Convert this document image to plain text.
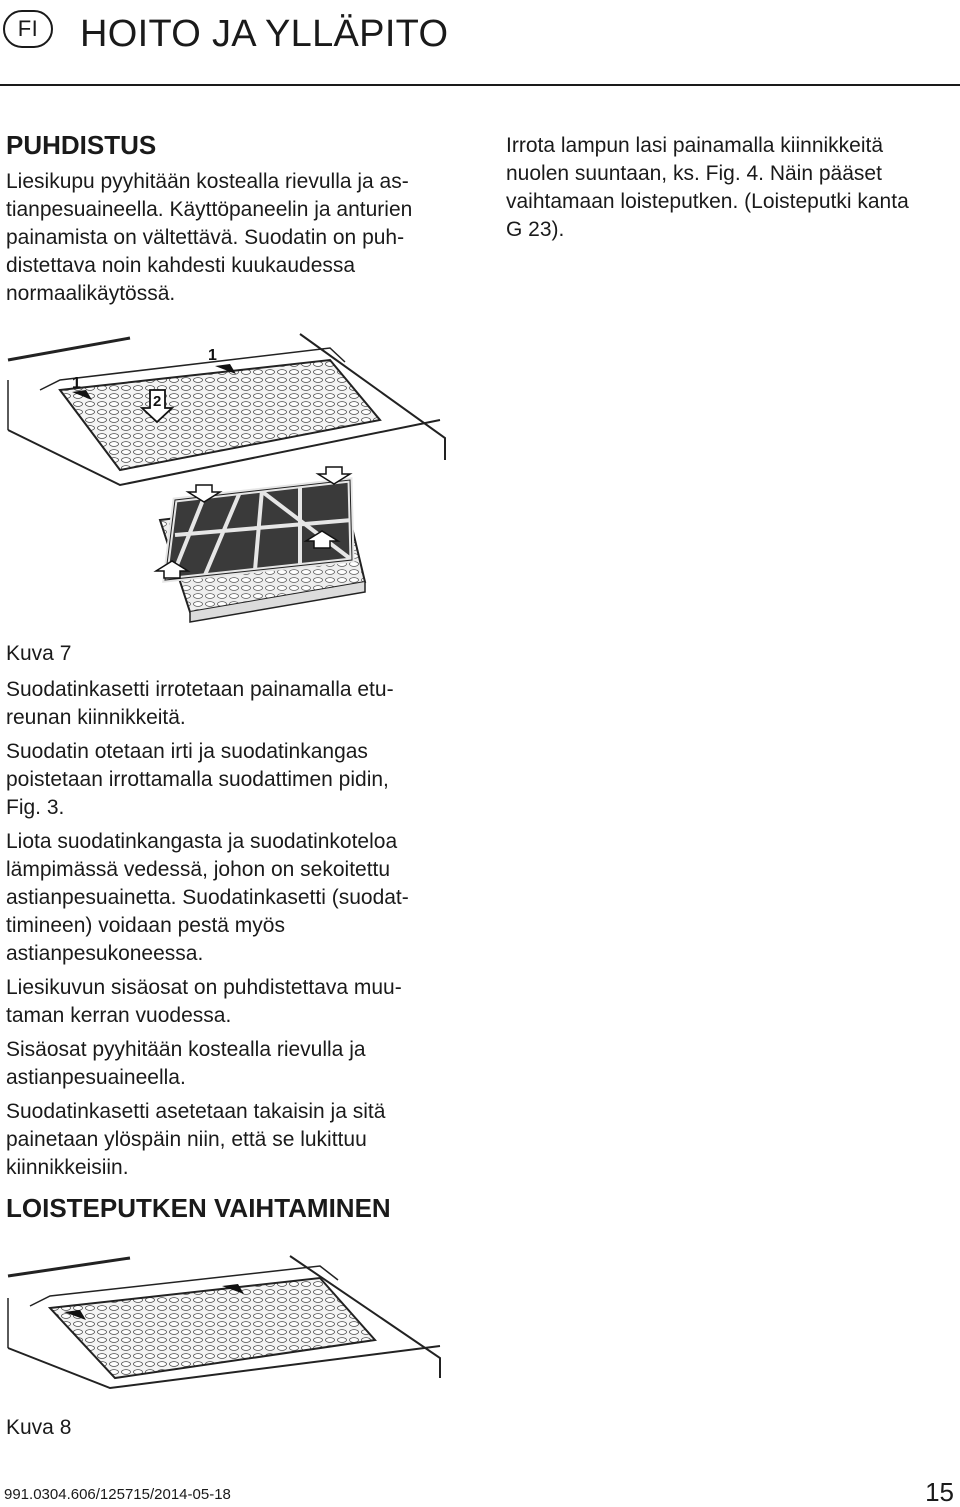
FI	HOITO JA YLLÄPITO
PUHDISTUS
Liesikupu pyyhitään kostealla rievulla ja as-
tianpesuaineella. Käyttöpaneelin ja anturien
painamista on vältettävä. Suodatin on puh-
distettava noin kahdesti kuukaudessa
normaalikäytössä.
Irrota lampun lasi painamalla kiinnikkeitä
nuolen suuntaan, ks. Fig. 4. Näin pääset
vaihtamaan loisteputken. (Loisteputki kanta
G 23).
1
1
2
Kuva 7
Suodatinkasetti irrotetaan painamalla etu-
reunan kiinnikkeitä.
Suodatin otetaan irti ja suodatinkangas
poistetaan irrottamalla suodattimen pidin,
Fig. 3.
Liota suodatinkangasta ja suodatinkoteloa
lämpimässä vedessä, johon on sekoitettu
astianpesuainetta. Suodatinkasetti (suodat-
timineen) voidaan pestä myös
astianpesukoneessa.
Liesikuvun sisäosat on puhdistettava muu-
taman kerran vuodessa.
Sisäosat pyyhitään kostealla rievulla ja
astianpesuaineella.
Suodatinkasetti asetetaan takaisin ja sitä
painetaan ylöspäin niin, että se lukittuu
kiinnikkeisiin.
LOISTEPUTKEN VAIHTAMINEN
Kuva 8
991.0304.606/125715/2014-05-18	15
